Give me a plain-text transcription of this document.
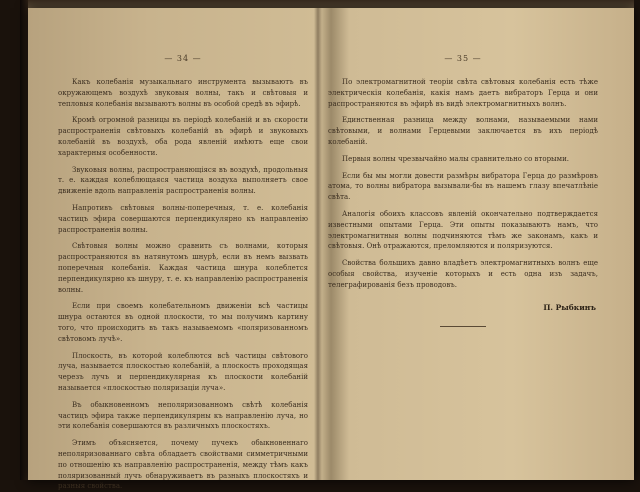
— 34 —

Какъ колебанія музыкальнаго инструмента вызываютъ въ окружающемъ воздухѣ звуковыя волны, такъ и свѣтовыя и тепловыя колебанія вызываютъ волны въ особой средѣ въ эфирѣ.

Кромѣ огромной разницы въ періодѣ колебаній и въ скорости распространенія свѣтовыхъ колебаній въ эфирѣ и звуковыхъ колебаній въ воздухѣ, оба рода явленій имѣютъ еще свои характерныя особенности.

Звуковыя волны, распространяющіяся въ воздухѣ, продольныя т. е. каждая колеблющаяся частица воздуха выполняетъ свое движеніе вдоль направленія распространенія волны.

Напротивъ свѣтовыя волны-поперечныя, т. е. колебанія частицъ эфира совершаются перпендикулярно къ направленію распространенія волны.

Свѣтовыя волны можно сравнить съ волнами, которыя распространяются въ натянутомъ шнурѣ, если въ немъ вызвать поперечныя колебанія. Каждая частица шнура колеблется перпендикулярно къ шнуру, т. е. къ направленію распространенія волны.

Если при своемъ колебательномъ движеніи всѣ частицы шнура остаются въ одной плоскости, то мы получимъ картину того, что происходитъ въ такъ называемомъ «поляризованномъ свѣтовомъ лучѣ».

Плоскость, въ которой колеблются всѣ частицы свѣтового луча, называется плоскостью колебаній, а плоскость проходящая черезъ лучъ и перпендикулярная къ плоскости колебаній называется «плоскостью поляризаціи луча».

Въ обыкновенномъ неполяризованномъ свѣтѣ колебанія частицъ эфира также перпендикулярны къ направленію луча, но эти колебанія совершаются въ различныхъ плоскостяхъ.

Этимъ объясняется, почему пучекъ обыкновеннаго неполяризованнаго свѣта обладаетъ свойствами симметричными по отношенію къ направленію распространенія, между тѣмъ какъ поляризованный лучъ обнаруживаетъ въ разныхъ плоскостяхъ и разныя свойства.

— 35 —

По электромагнитной теоріи свѣта свѣтовыя колебанія есть тѣже электрическія колебанія, какія намъ даетъ вибраторъ Герца и они распространяются въ эфирѣ въ видѣ электромагнитныхъ волнъ.

Единственная разница между волнами, называемыми нами свѣтовыми, и волнами Герцевыми заключается въ ихъ періодѣ колебаній.

Первыя волны чрезвычайно малы сравнительно со вторыми.

Если бы мы могли довести размѣры вибратора Герца до размѣровъ атома, то волны вибратора вызывали-бы въ нашемъ глазу впечатлѣніе свѣта.

Аналогія обоихъ классовъ явленій окончательно подтверждается известными опытами Герца. Эти опыты показываютъ намъ, что электромагнитныя волны подчиняются тѣмъ же законамъ, какъ и свѣтовыя. Онѣ отражаются, преломляются и поляризуются.

Свойства большихъ давно владѣетъ электромагнитныхъ волнъ еще особыя свойства, изученіе которыхъ и есть одна изъ задачъ, телеграфированія безъ проводовъ.

П. Рыбкинъ
